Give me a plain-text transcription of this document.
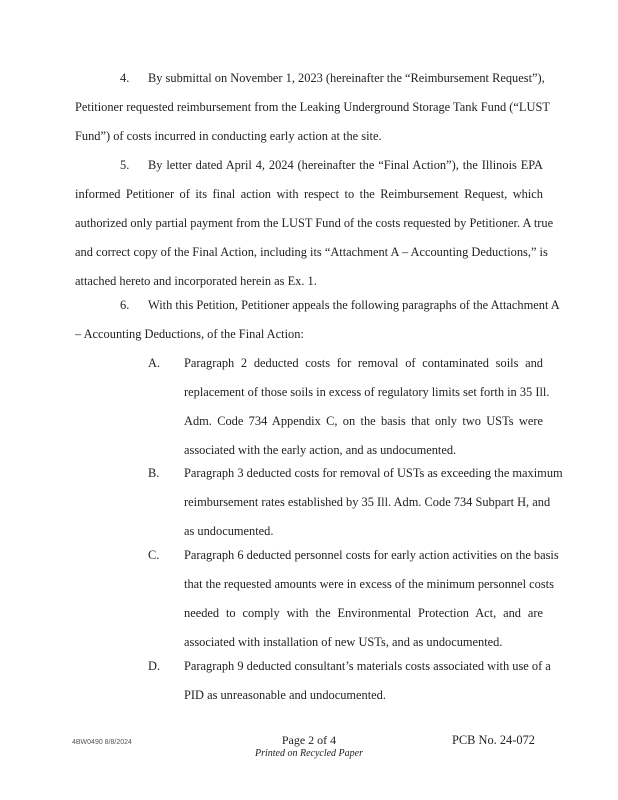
4. By submittal on November 1, 2023 (hereinafter the “Reimbursement Request”),
Petitioner requested reimbursement from the Leaking Underground Storage Tank Fund (“LUST
Fund”) of costs incurred in conducting early action at the site.
5. By letter dated April 4, 2024 (hereinafter the “Final Action”), the Illinois EPA
informed Petitioner of its final action with respect to the Reimbursement Request, which
authorized only partial payment from the LUST Fund of the costs requested by Petitioner. A true
and correct copy of the Final Action, including its “Attachment A – Accounting Deductions,” is
attached hereto and incorporated herein as Ex. 1.
6. With this Petition, Petitioner appeals the following paragraphs of the Attachment A
– Accounting Deductions, of the Final Action:
A. Paragraph 2 deducted costs for removal of contaminated soils and
replacement of those soils in excess of regulatory limits set forth in 35 Ill.
Adm. Code 734 Appendix C, on the basis that only two USTs were
associated with the early action, and as undocumented.
B. Paragraph 3 deducted costs for removal of USTs as exceeding the maximum
reimbursement rates established by 35 Ill. Adm. Code 734 Subpart H, and
as undocumented.
C. Paragraph 6 deducted personnel costs for early action activities on the basis
that the requested amounts were in excess of the minimum personnel costs
needed to comply with the Environmental Protection Act, and are
associated with installation of new USTs, and as undocumented.
D. Paragraph 9 deducted consultant’s materials costs associated with use of a
PID as unreasonable and undocumented.
4BW0490 8/8/2024	Page 2 of 4
Printed on Recycled Paper
PCB No. 24-072
